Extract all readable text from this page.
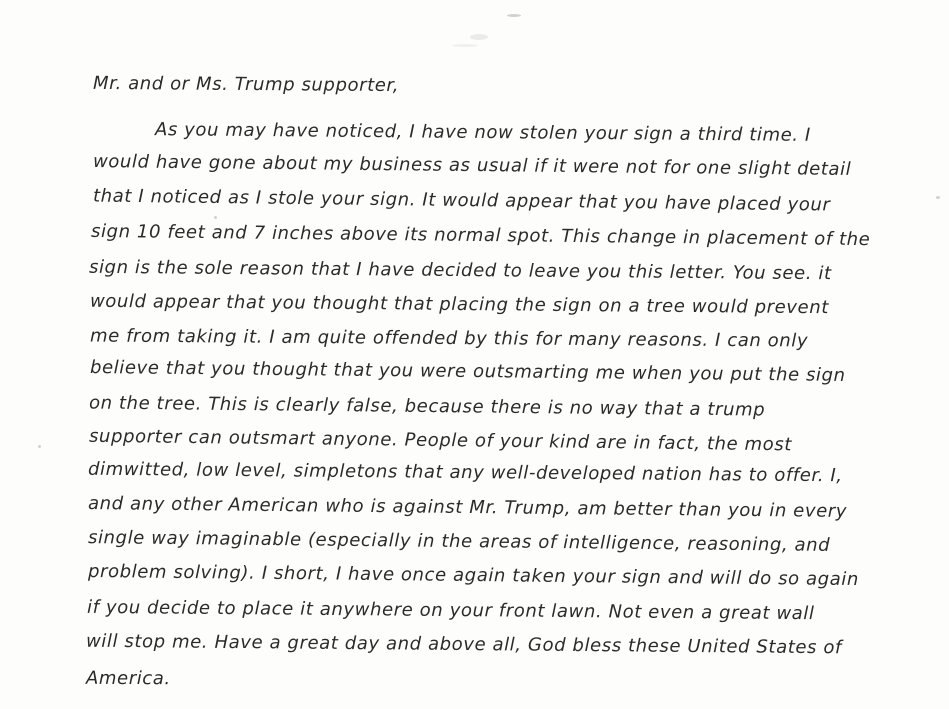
Mr. and or Ms. Trump supporter,
As you may have noticed, I have now stolen your sign a third time. I
would have gone about my business as usual if it were not for one slight detail
that I noticed as I stole your sign. It would appear that you have placed your
sign 10 feet and 7 inches above its normal spot. This change in placement of the
sign is the sole reason that I have decided to leave you this letter. You see. it
would appear that you thought that placing the sign on a tree would prevent
me from taking it. I am quite offended by this for many reasons. I can only
believe that you thought that you were outsmarting me when you put the sign
on the tree. This is clearly false, because there is no way that a trump
supporter can outsmart anyone. People of your kind are in fact, the most
dimwitted, low level, simpletons that any well-developed nation has to offer. I,
and any other American who is against Mr. Trump, am better than you in every
single way imaginable (especially in the areas of intelligence, reasoning, and
problem solving). I short, I have once again taken your sign and will do so again
if you decide to place it anywhere on your front lawn. Not even a great wall
will stop me. Have a great day and above all, God bless these United States of
America.
